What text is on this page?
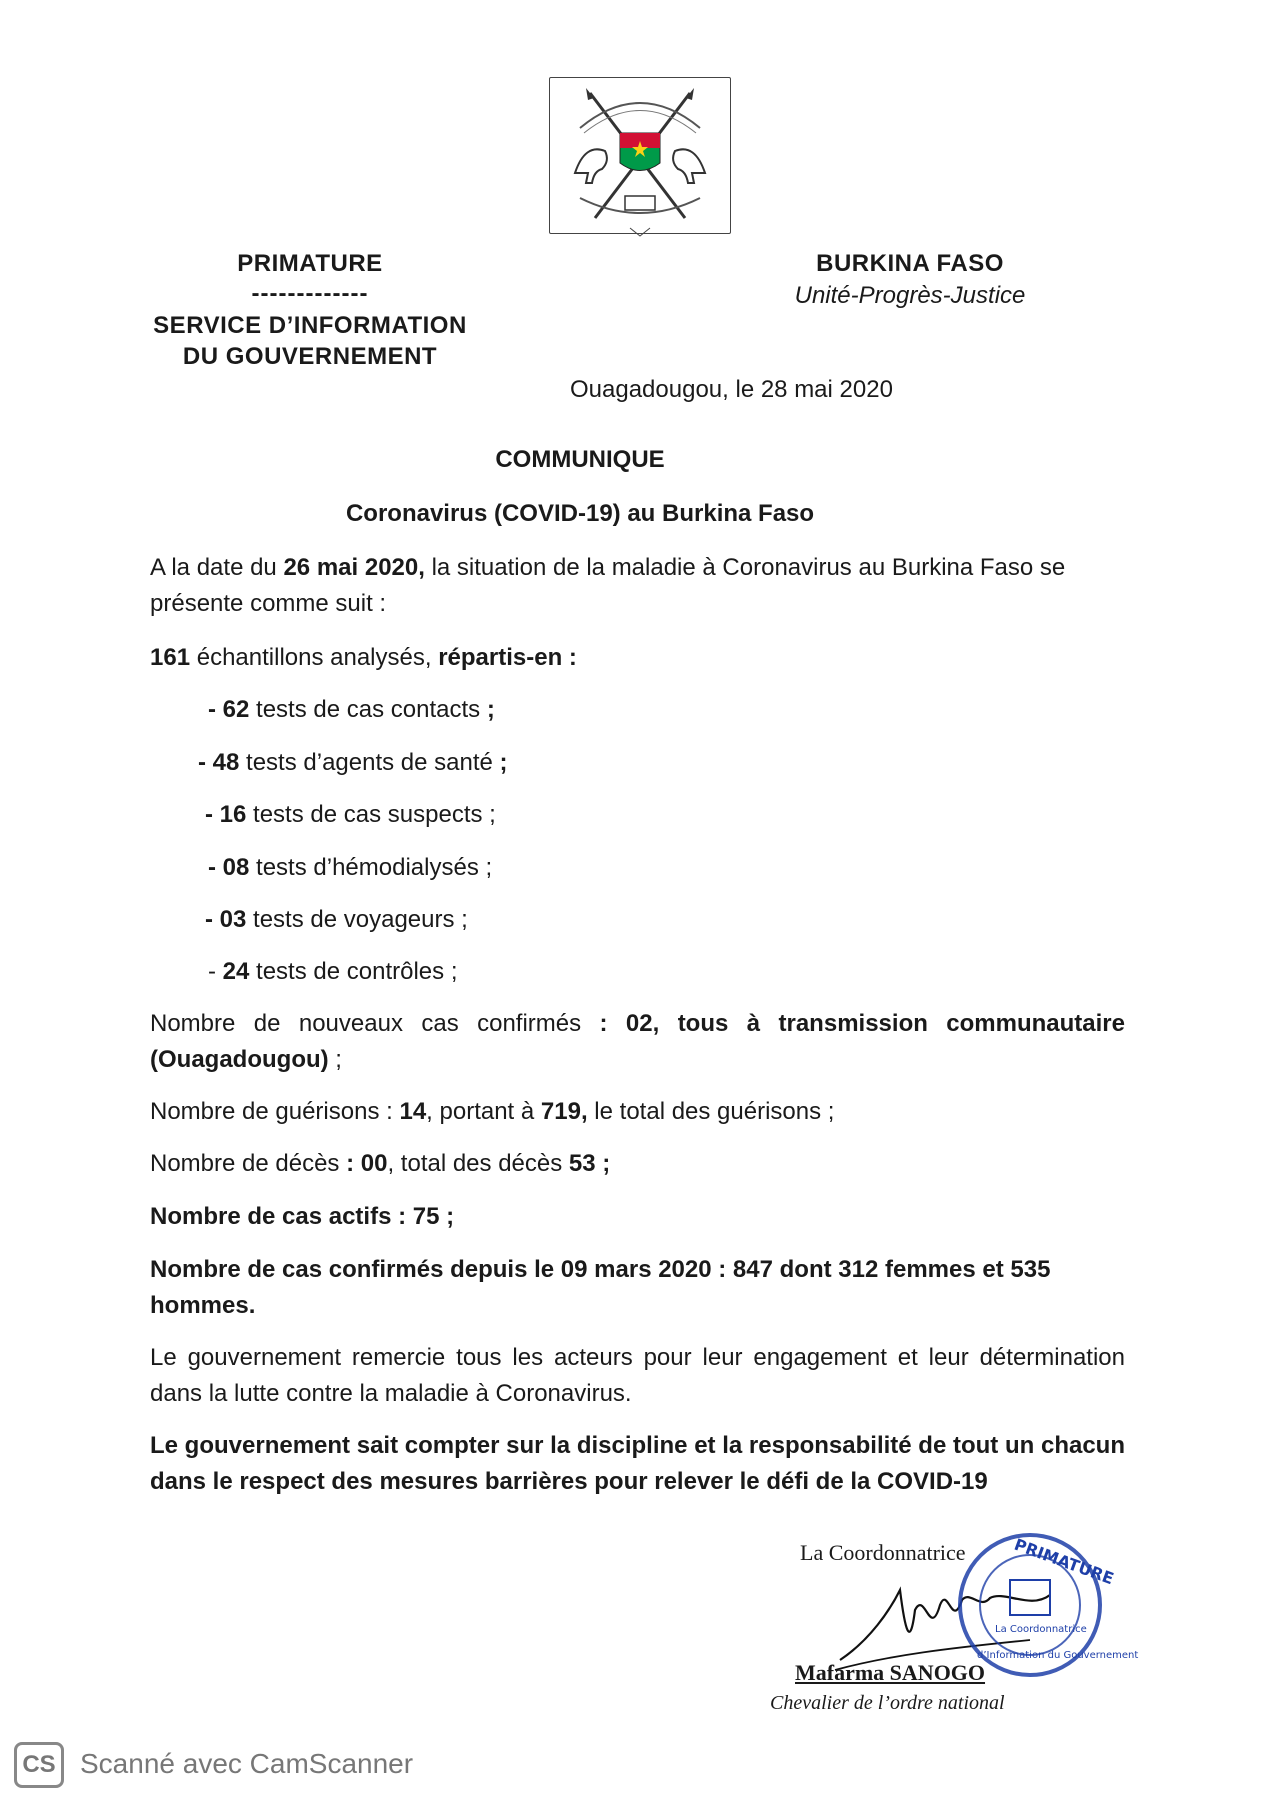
PRIMATURE
-------------
SERVICE D’INFORMATION
DU GOUVERNEMENT
BURKINA FASO
Unité-Progrès-Justice
Ouagadougou, le 28 mai 2020
COMMUNIQUE
Coronavirus (COVID-19) au Burkina Faso
A la date du 26 mai 2020, la situation de la maladie à Coronavirus au Burkina Faso se présente comme suit :
161 échantillons analysés, répartis-en :
- 62 tests de cas contacts ;
- 48 tests d’agents de santé ;
- 16 tests de cas suspects ;
- 08 tests d’hémodialysés ;
- 03 tests de voyageurs ;
- 24 tests de contrôles ;
Nombre de nouveaux cas confirmés : 02, tous à transmission communautaire (Ouagadougou) ;
Nombre de guérisons : 14, portant à 719, le total des guérisons ;
Nombre de décès : 00, total des décès 53 ;
Nombre de cas actifs : 75 ;
Nombre de cas confirmés depuis le 09 mars 2020 : 847 dont 312 femmes et 535 hommes.
Le gouvernement remercie tous les acteurs pour leur engagement et leur détermination dans la lutte contre la maladie à Coronavirus.
Le gouvernement sait compter sur la discipline et la responsabilité de tout un chacun dans le respect des mesures barrières pour relever le défi de la COVID-19
La Coordonnatrice
Mafarma SANOGO
Chevalier de l’ordre national
PRIMATURE
d’Information du Gouvernement
La Coordonnatrice
CS Scanné avec CamScanner
